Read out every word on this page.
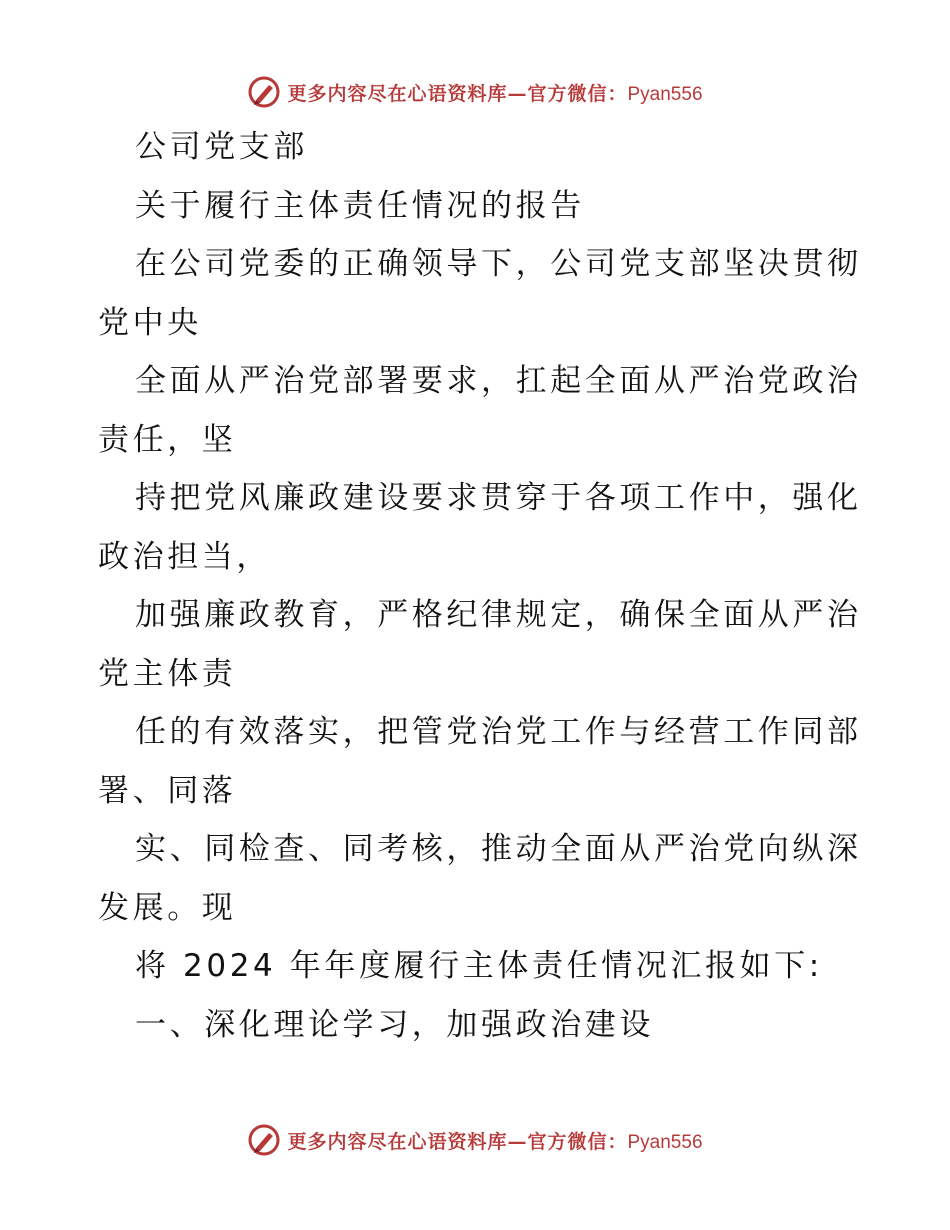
更多内容尽在心语资料库—官方微信：Pyan556
公司党支部
关于履行主体责任情况的报告
在公司党委的正确领导下，公司党支部坚决贯彻
党中央
全面从严治党部署要求，扛起全面从严治党政治
责任，坚
持把党风廉政建设要求贯穿于各项工作中，强化
政治担当，
加强廉政教育，严格纪律规定，确保全面从严治
党主体责
任的有效落实，把管党治党工作与经营工作同部
署、同落
实、同检查、同考核，推动全面从严治党向纵深
发展。现
将 2024 年年度履行主体责任情况汇报如下:
一、深化理论学习，加强政治建设
更多内容尽在心语资料库—官方微信：Pyan556
